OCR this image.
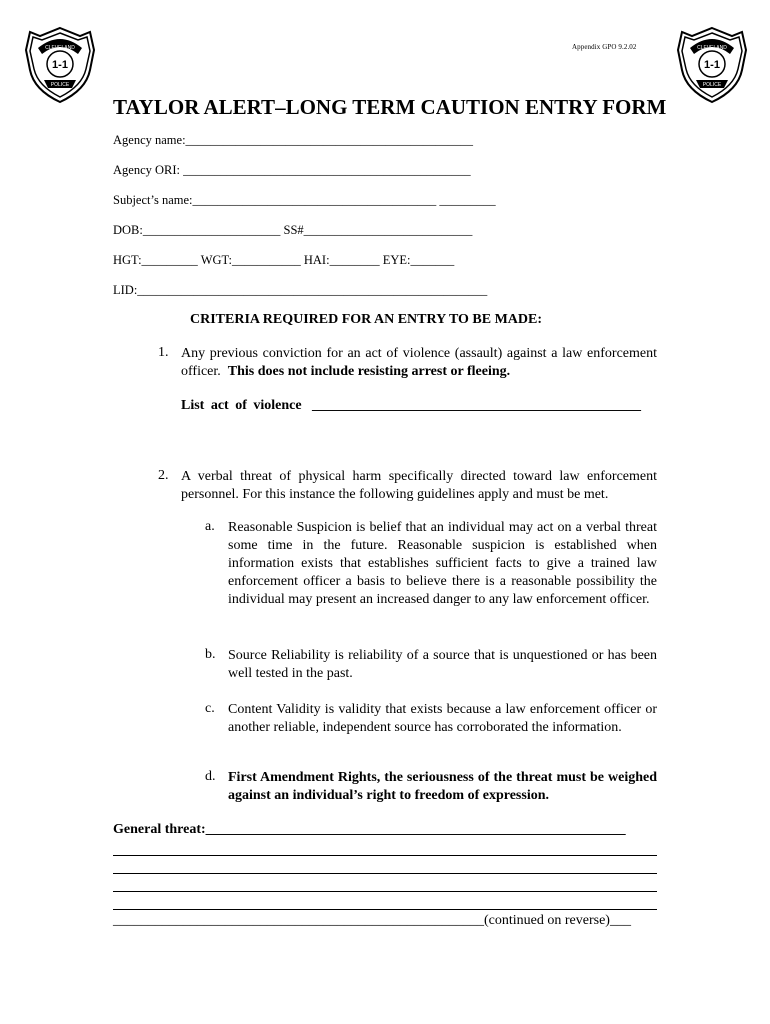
1-1
CLEVELAND
POLICE
1-1
CLEVELAND
POLICE
Appendix GPO 9.2.02
TAYLOR ALERT–LONG TERM CAUTION ENTRY FORM
Agency name:______________________________________________
Agency ORI: ______________________________________________
Subject’s name:_______________________________________ _________
DOB:______________________ SS#___________________________
HGT:_________ WGT:___________ HAI:________ EYE:_______
LID:________________________________________________________
CRITERIA REQUIRED FOR AN ENTRY TO BE MADE:
1. Any previous conviction for an act of violence (assault) against a law enforcement officer. This does not include resisting arrest or fleeing.
List act of violence _______________________________________________
2. A verbal threat of physical harm specifically directed toward law enforcement personnel. For this instance the following guidelines apply and must be met.
a. Reasonable Suspicion is belief that an individual may act on a verbal threat some time in the future. Reasonable suspicion is established when information exists that establishes sufficient facts to give a trained law enforcement officer a basis to believe there is a reasonable possibility the individual may present an increased danger to any law enforcement officer.
b. Source Reliability is reliability of a source that is unquestioned or has been well tested in the past.
c. Content Validity is validity that exists because a law enforcement officer or another reliable, independent source has corroborated the information.
d. First Amendment Rights, the seriousness of the threat must be weighed against an individual’s right to freedom of expression.
General threat:____________________________________________________________
_____________________________________________________(continued on reverse)___
